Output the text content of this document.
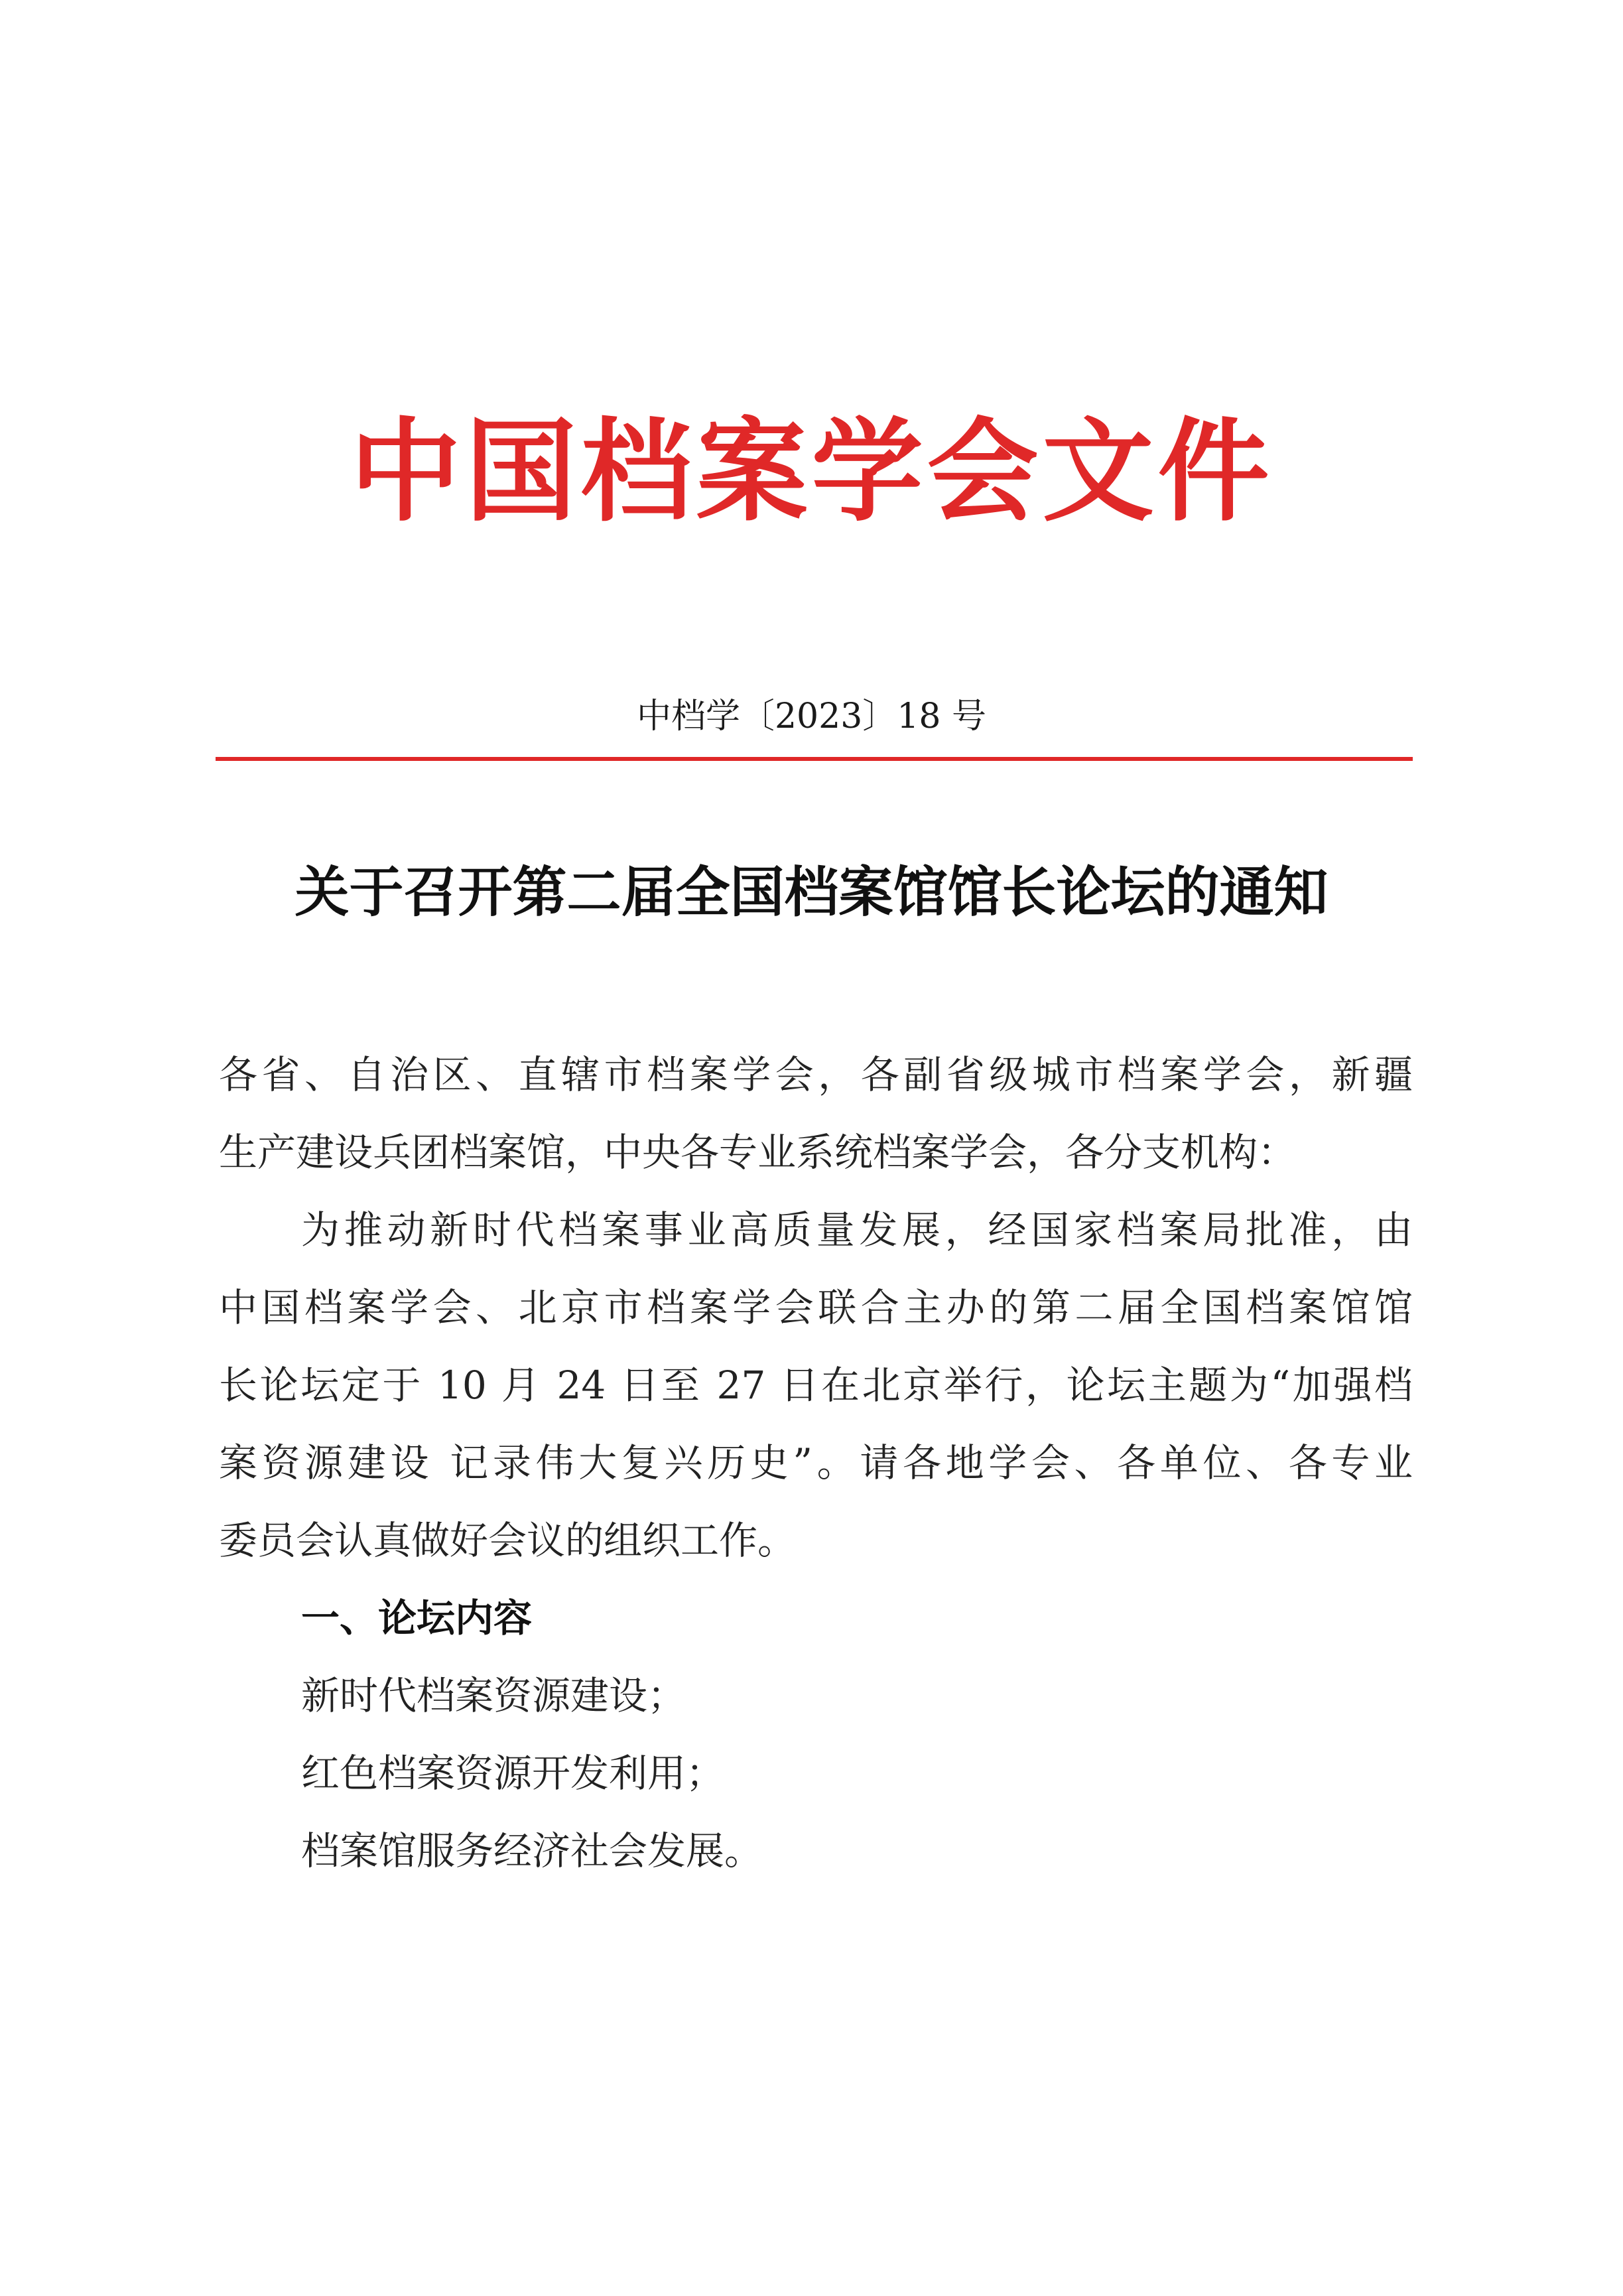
中国档案学会文件
中档学〔2023〕18 号
关于召开第二届全国档案馆馆长论坛的通知
各省、自治区、直辖市档案学会，各副省级城市档案学会，新疆
生产建设兵团档案馆，中央各专业系统档案学会，各分支机构：
为推动新时代档案事业高质量发展，经国家档案局批准，由
中国档案学会、北京市档案学会联合主办的第二届全国档案馆馆
长论坛定于 10 月 24 日至 27 日在北京举行，论坛主题为“加强档
案资源建设 记录伟大复兴历史”。请各地学会、各单位、各专业
委员会认真做好会议的组织工作。
一、论坛内容
新时代档案资源建设；
红色档案资源开发利用；
档案馆服务经济社会发展。
